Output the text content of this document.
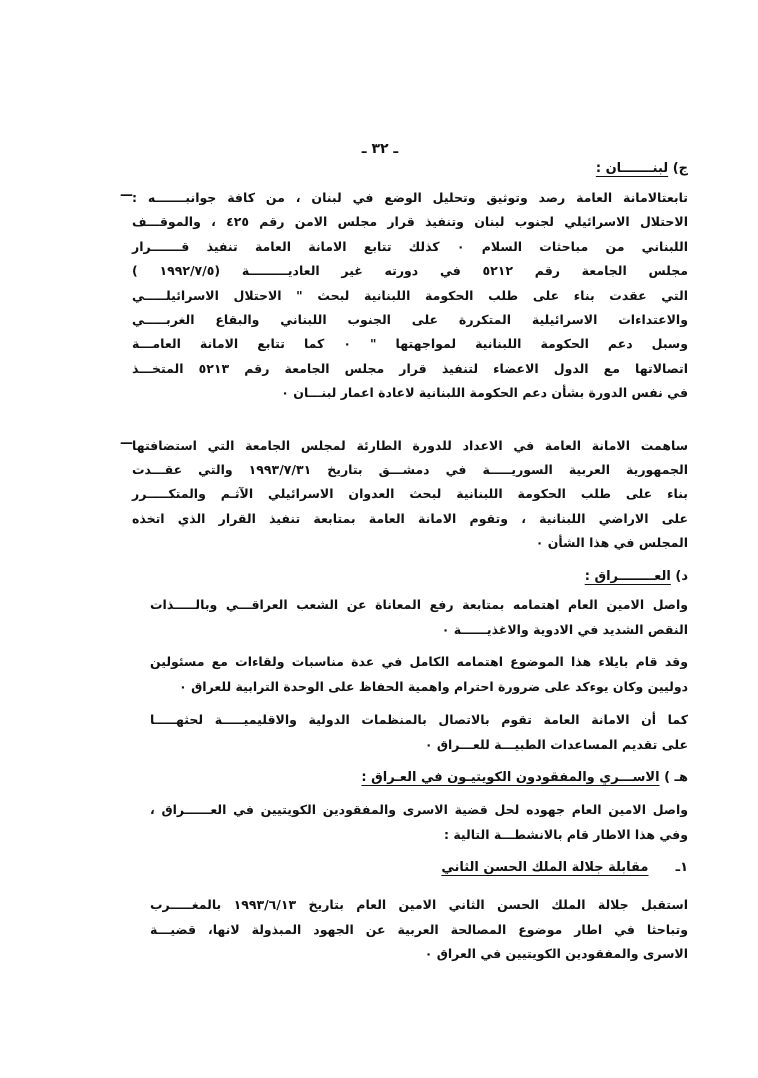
ـ ٣٢ ـ
ج) لبنـــــــان :
—
—
د) العــــــــراق :
هـ ) الاســـري والمفقودون الكويتيـون في العـراق :
١ـ      مقابلة جلالة الملك الحسن الثاني
تابعتالامانة العامة رصد وتوثيق وتحليل الوضع في لبنان ، من كافة جوانبـــــــه :
الاحتلال الاسرائيلي لجنوب لبنان وتنفيذ قرار مجلس الامن رقم ٤٢٥ ، والموقـــف
اللبناني من مباحثات السلام ۰ كذلك تتابع الامانة العامة تنفيذ قـــــــرار
مجلس الجامعة رقم ٥٢١٢ في دورته غير العاديـــــــــة (١٩٩٢/٧/٥ )
التي عقدت بناء على طلب الحكومة اللبنانية لبحث " الاحتلال الاسرائيلـــــي
والاعتداءات الاسرائيلية المتكررة على الجنوب اللبناني والبقاع الغربـــــي
وسبل دعم الحكومة اللبنانية لمواجهتها " ۰ كما تتابع الامانة العامـــة
اتصالاتها مع الدول الاعضاء لتنفيذ قرار مجلس الجامعة رقم ٥٢١٣ المتخـــذ
في نفس الدورة بشأن دعم الحكومة اللبنانية لاعادة اعمار لبنـــان ۰
ساهمت الامانة العامة في الاعداد للدورة الطارئة لمجلس الجامعة التي استضافتها
الجمهورية العربية السوريـــــة في دمشـــق بتاريخ ١٩٩٣/٧/٣١ والتي عقـــدت
بناء على طلب الحكومة اللبنانية لبحث العدوان الاسرائيلي الآثـم والمتكـــــرر
على الاراضي اللبنانية ، وتقوم الامانة العامة بمتابعة تنفيذ القرار الذي اتخذه
المجلس في هذا الشأن ۰
واصل الامين العام اهتمامه بمتابعة رفع المعاناة عن الشعب العراقـــي وبالـــــذات
النقص الشديد في الادوية والاغذيــــــة ۰
وقد قام بايلاء هذا الموضوع اهتمامه الكامل في عدة مناسبات ولقاءات مع مسئولين
دوليين وكان يوءكد على ضرورة احترام واهمية الحفاظ على الوحدة الترابية للعراق ۰
كما أن الامانة العامة تقوم بالاتصال بالمنظمات الدولية والاقليميـــــة لحثهـــــا
على تقديم المساعدات الطبيـــة للعـــراق ۰
واصل الامين العام جهوده لحل قضية الاسرى والمفقودين الكويتيين في العــــــراق ،
وفي هذا الاطار قام بالانشطـــة التالية :
استقبل جلالة الملك الحسن الثاني الامين العام بتاريخ ١٩٩٣/٦/١٣ بالمغـــــرب
وتباحثا في اطار موضوع المصالحة العربية عن الجهود المبذولة لانها، قضيـــة
الاسرى والمفقودين الكويتيين في العراق ۰
